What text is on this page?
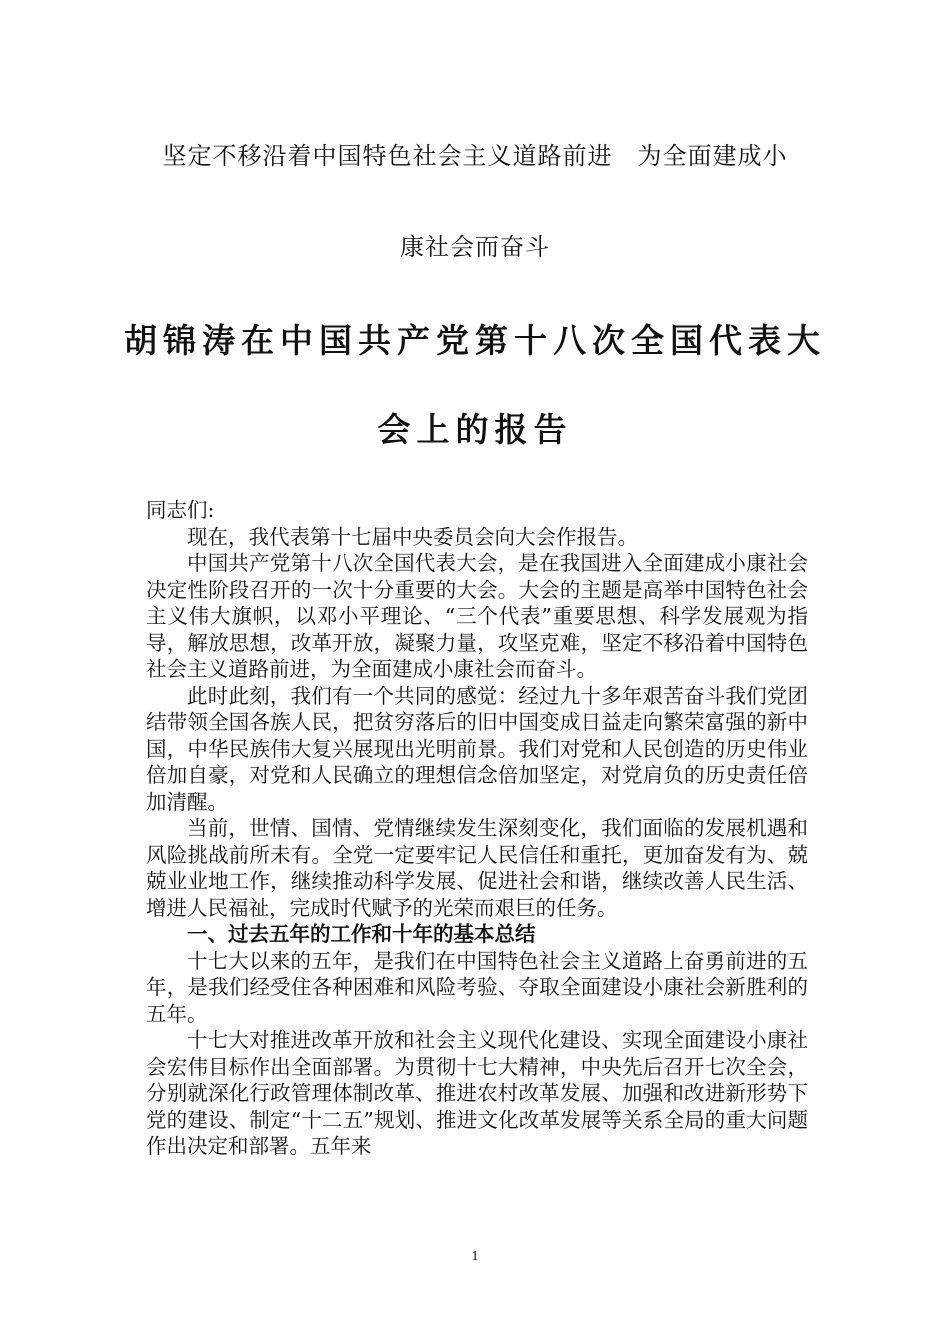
坚定不移沿着中国特色社会主义道路前进　为全面建成小
康社会而奋斗
胡锦涛在中国共产党第十八次全国代表大
会上的报告

同志们:

现在，我代表第十七届中央委员会向大会作报告。

中国共产党第十八次全国代表大会，是在我国进入全面建成小康社会决定性阶段召开的一次十分重要的大会。大会的主题是高举中国特色社会主义伟大旗帜，以邓小平理论、“三个代表”重要思想、科学发展观为指导，解放思想，改革开放，凝聚力量，攻坚克难，坚定不移沿着中国特色社会主义道路前进，为全面建成小康社会而奋斗。

此时此刻，我们有一个共同的感觉：经过九十多年艰苦奋斗我们党团结带领全国各族人民，把贫穷落后的旧中国变成日益走向繁荣富强的新中国，中华民族伟大复兴展现出光明前景。我们对党和人民创造的历史伟业倍加自豪，对党和人民确立的理想信念倍加坚定，对党肩负的历史责任倍加清醒。

当前，世情、国情、党情继续发生深刻变化，我们面临的发展机遇和风险挑战前所未有。全党一定要牢记人民信任和重托，更加奋发有为、兢兢业业地工作，继续推动科学发展、促进社会和谐，继续改善人民生活、增进人民福祉，完成时代赋予的光荣而艰巨的任务。

一、过去五年的工作和十年的基本总结

十七大以来的五年，是我们在中国特色社会主义道路上奋勇前进的五年，是我们经受住各种困难和风险考验、夺取全面建设小康社会新胜利的五年。

十七大对推进改革开放和社会主义现代化建设、实现全面建设小康社会宏伟目标作出全面部署。为贯彻十七大精神，中央先后召开七次全会，分别就深化行政管理体制改革、推进农村改革发展、加强和改进新形势下党的建设、制定“十二五”规划、推进文化改革发展等关系全局的重大问题作出决定和部署。五年来

1
